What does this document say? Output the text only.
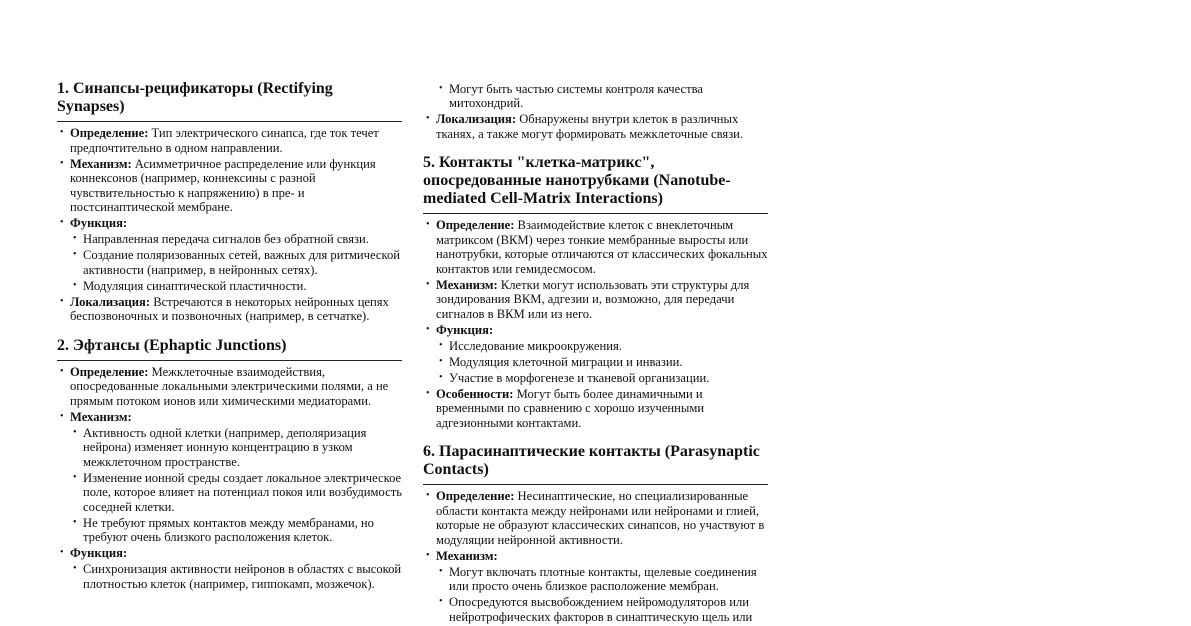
1. Синапсы-рецификаторы (Rectifying Synapses)
• Определение: Тип электрического синапса, где ток течет предпочтительно в одном направлении.
• Механизм: Асимметричное распределение или функция коннексонов (например, коннексины с разной чувствительностью к напряжению) в пре- и постсинаптической мембране.
• Функция:
• Направленная передача сигналов без обратной связи.
• Создание поляризованных сетей, важных для ритмической активности (например, в нейронных сетях).
• Модуляция синаптической пластичности.
• Локализация: Встречаются в некоторых нейронных цепях беспозвоночных и позвоночных (например, в сетчатке).
2. Эфтансы (Ephaptic Junctions)
• Определение: Межклеточные взаимодействия, опосредованные локальными электрическими полями, а не прямым потоком ионов или химическими медиаторами.
• Механизм:
• Активность одной клетки (например, деполяризация нейрона) изменяет ионную концентрацию в узком межклеточном пространстве.
• Изменение ионной среды создает локальное электрическое поле, которое влияет на потенциал покоя или возбудимость соседней клетки.
• Не требуют прямых контактов между мембранами, но требуют очень близкого расположения клеток.
• Функция:
• Синхронизация активности нейронов в областях с высокой плотностью клеток (например, гиппокамп, мозжечок).
• Могут быть частью системы контроля качества митохондрий.
• Локализация: Обнаружены внутри клеток в различных тканях, а также могут формировать межклеточные связи.
5. Контакты "клетка-матрикс", опосредованные нанотрубками (Nanotube-mediated Cell-Matrix Interactions)
• Определение: Взаимодействие клеток с внеклеточным матриксом (ВКМ) через тонкие мембранные выросты или нанотрубки, которые отличаются от классических фокальных контактов или гемидесмосом.
• Механизм: Клетки могут использовать эти структуры для зондирования ВКМ, адгезии и, возможно, для передачи сигналов в ВКМ или из него.
• Функция:
• Исследование микроокружения.
• Модуляция клеточной миграции и инвазии.
• Участие в морфогенезе и тканевой организации.
• Особенности: Могут быть более динамичными и временными по сравнению с хорошо изученными адгезионными контактами.
6. Парасинаптические контакты (Parasynaptic Contacts)
• Определение: Несинаптические, но специализированные области контакта между нейронами или нейронами и глией, которые не образуют классических синапсов, но участвуют в модуляции нейронной активности.
• Механизм:
• Могут включать плотные контакты, щелевые соединения или просто очень близкое расположение мембран.
• Опосредуются высвобождением нейромодуляторов или нейротрофических факторов в синаптическую щель или
